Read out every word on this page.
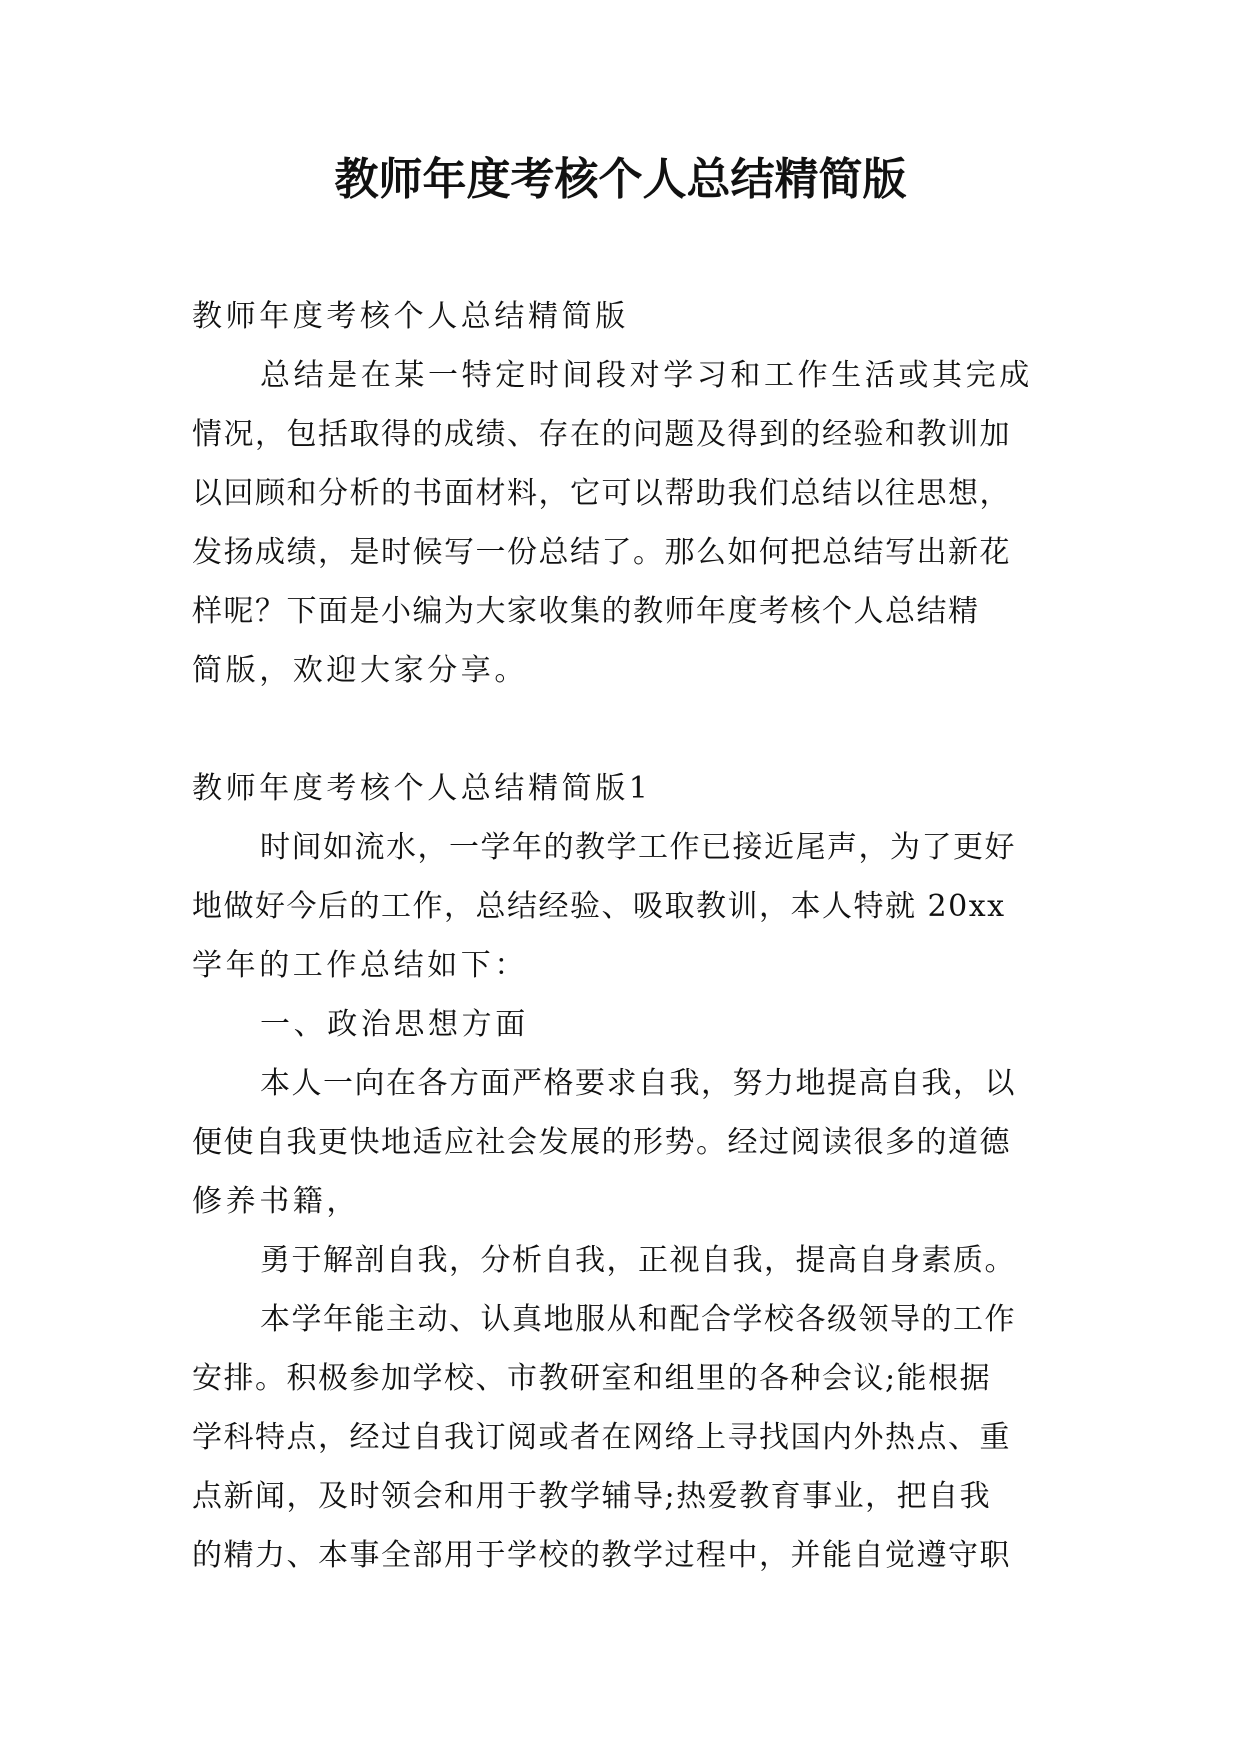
教师年度考核个人总结精简版

教师年度考核个人总结精简版

总结是在某一特定时间段对学习和工作生活或其完成

情况，包括取得的成绩、存在的问题及得到的经验和教训加

以回顾和分析的书面材料，它可以帮助我们总结以往思想，

发扬成绩，是时候写一份总结了。那么如何把总结写出新花

样呢？下面是小编为大家收集的教师年度考核个人总结精

简版，欢迎大家分享。

教师年度考核个人总结精简版1

时间如流水，一学年的教学工作已接近尾声，为了更好

地做好今后的工作，总结经验、吸取教训，本人特就 20xx

学年的工作总结如下：

一、政治思想方面

本人一向在各方面严格要求自我，努力地提高自我，以

便使自我更快地适应社会发展的形势。经过阅读很多的道德

修养书籍，

勇于解剖自我，分析自我，正视自我，提高自身素质。

本学年能主动、认真地服从和配合学校各级领导的工作

安排。积极参加学校、市教研室和组里的各种会议;能根据

学科特点，经过自我订阅或者在网络上寻找国内外热点、重

点新闻，及时领会和用于教学辅导;热爱教育事业，把自我

的精力、本事全部用于学校的教学过程中，并能自觉遵守职
